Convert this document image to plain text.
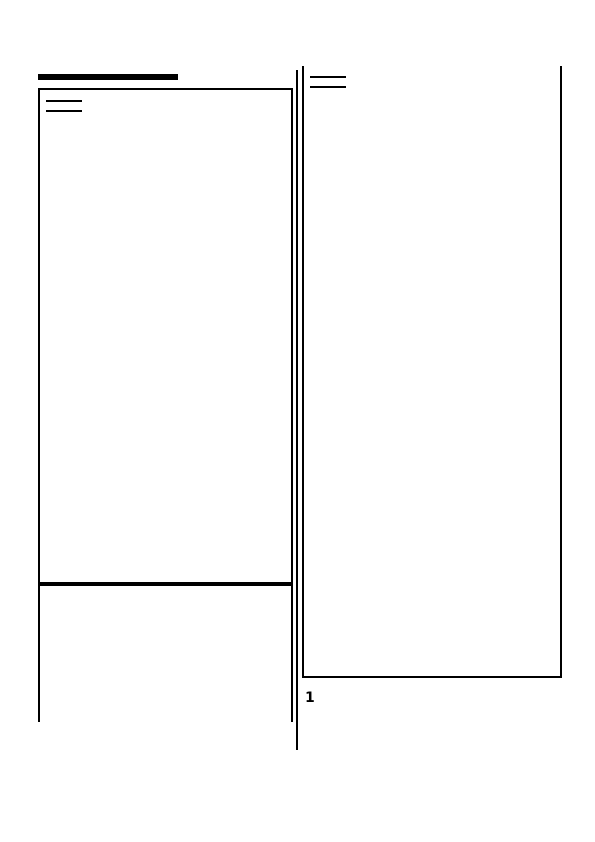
1
